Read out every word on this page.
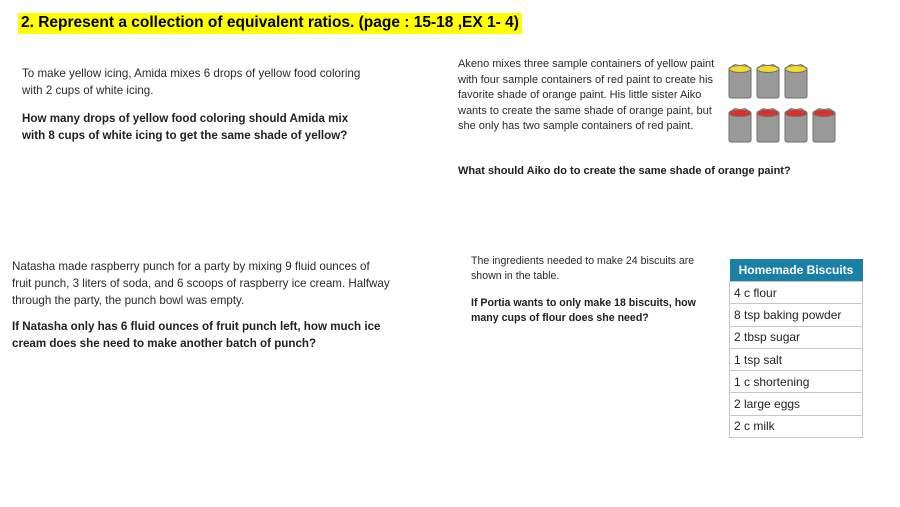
2. Represent a collection of equivalent ratios. (page : 15-18 ,EX 1- 4)

To make yellow icing, Amida mixes 6 drops of yellow food coloring with 2 cups of white icing.

How many drops of yellow food coloring should Amida mix with 8 cups of white icing to get the same shade of yellow?

Akeno mixes three sample containers of yellow paint with four sample containers of red paint to create his favorite shade of orange paint. His little sister Aiko wants to create the same shade of orange paint, but she only has two sample containers of red paint.

What should Aiko do to create the same shade of orange paint?

Natasha made raspberry punch for a party by mixing 9 fluid ounces of fruit punch, 3 liters of soda, and 6 scoops of raspberry ice cream. Halfway through the party, the punch bowl was empty.

If Natasha only has 6 fluid ounces of fruit punch left, how much ice cream does she need to make another batch of punch?

The ingredients needed to make 24 biscuits are shown in the table.

If Portia wants to only make 18 biscuits, how many cups of flour does she need?

Homemade Biscuits
4 c flour
8 tsp baking powder
2 tbsp sugar
1 tsp salt
1 c shortening
2 large eggs
2 c milk
